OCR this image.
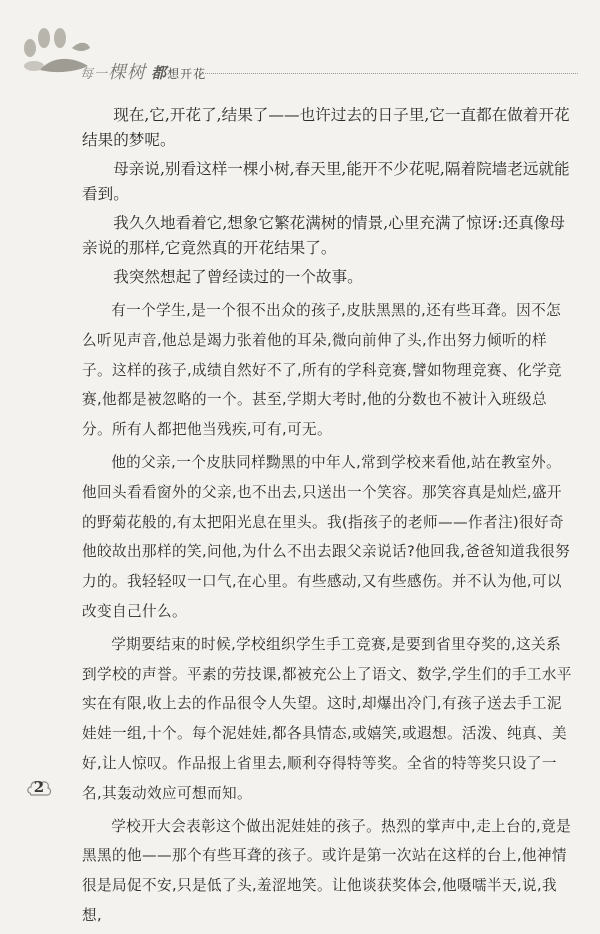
每一棵树 都想开花

现在,它,开花了,结果了——也许过去的日子里,它一直都在做着开花结果的梦呢。

母亲说,别看这样一棵小树,春天里,能开不少花呢,隔着院墙老远就能看到。

我久久地看着它,想象它繁花满树的情景,心里充满了惊讶:还真像母亲说的那样,它竟然真的开花结果了。

我突然想起了曾经读过的一个故事。

有一个学生,是一个很不出众的孩子,皮肤黑黑的,还有些耳聋。因不怎么听见声音,他总是竭力张着他的耳朵,微向前伸了头,作出努力倾听的样子。这样的孩子,成绩自然好不了,所有的学科竞赛,譬如物理竞赛、化学竞赛,他都是被忽略的一个。甚至,学期大考时,他的分数也不被计入班级总分。所有人都把他当残疾,可有,可无。

他的父亲,一个皮肤同样黝黑的中年人,常到学校来看他,站在教室外。他回头看看窗外的父亲,也不出去,只送出一个笑容。那笑容真是灿烂,盛开的野菊花般的,有太把阳光息在里头。我(指孩子的老师——作者注)很好奇他皎故出那样的笑,问他,为什么不出去跟父亲说话?他回我,爸爸知道我很努力的。我轻轻叹一口气,在心里。有些感动,又有些感伤。并不认为他,可以改变自己什么。

学期要结束的时候,学校组织学生手工竞赛,是要到省里夺奖的,这关系到学校的声誉。平素的劳技课,都被充公上了语文、数学,学生们的手工水平实在有限,收上去的作品很令人失望。这时,却爆出冷门,有孩子送去手工泥娃娃一组,十个。每个泥娃娃,都各具情态,或嬉笑,或遐想。活泼、纯真、美好,让人惊叹。作品报上省里去,顺利夺得特等奖。全省的特等奖只设了一名,其轰动效应可想而知。

学校开大会表彰这个做出泥娃娃的孩子。热烈的掌声中,走上台的,竟是黑黑的他——那个有些耳聋的孩子。或许是第一次站在这样的台上,他神情很是局促不安,只是低了头,羞涩地笑。让他谈获奖体会,他嗫嚅半天,说,我想,

2
